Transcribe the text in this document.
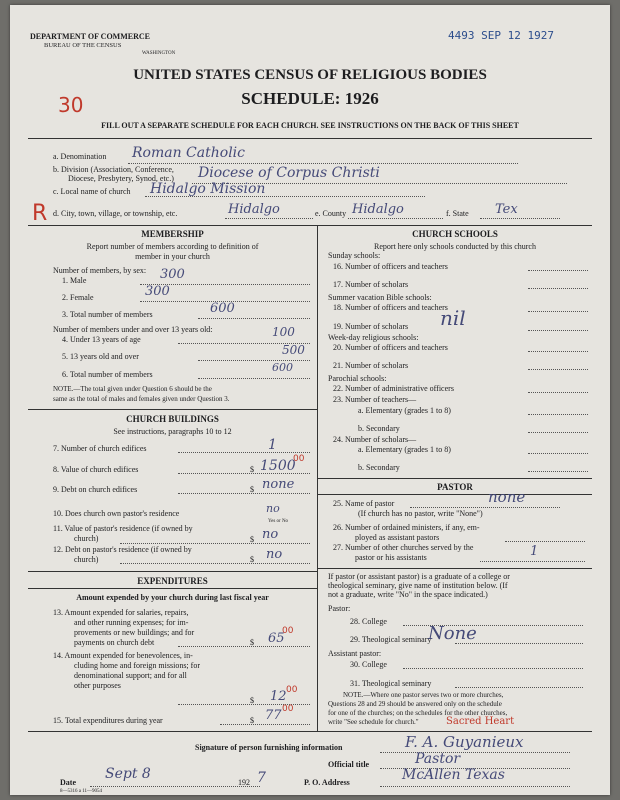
DEPARTMENT OF COMMERCE
BUREAU OF THE CENSUS
WASHINGTON
4493 SEP 12 1927
UNITED STATES CENSUS OF RELIGIOUS BODIES
SCHEDULE: 1926
30
FILL OUT A SEPARATE SCHEDULE FOR EACH CHURCH. SEE INSTRUCTIONS ON THE BACK OF THIS SHEET
a. Denomination Roman Catholic
b. Division (Association, Conference,
Diocese, Presbytery, Synod, etc.) Diocese of Corpus Christi
c. Local name of church Hidalgo Mission
R d. City, town, village, or township, etc.	Hidalgo	e. County Hidalgo	f. State Tex
MEMBERSHIP
Report number of members according to definition of
member in your church
Number of members, by sex:
1. Male	300
2. Female	300
3. Total number of members	600
Number of members under and over 13 years old:
4. Under 13 years of age
100
5. 13 years old and over	500
6. Total number of members
600
NOTE.—The total given under Question 6 should be the
same as the total of males and females given under Question 3.
CHURCH BUILDINGS
See instructions, paragraphs 10 to 12
7. Number of church edifices	1
8. Value of church edifices	$ 1500
00
9. Debt on church edifices	$ none
10. Does church own pastor's residence	no
Yes or No
11. Value of pastor's residence (if owned by
church)	$ no
12. Debt on pastor's residence (if owned by
church)	$ no
EXPENDITURES
Amount expended by your church during last fiscal year
13. Amount expended for salaries, repairs,
and other running expenses; for im-
provements or new buildings; and for
payments on church debt	$ 65
00
14. Amount expended for benevolences, in-
cluding home and foreign missions; for
denominational support; and for all
other purposes
$ 12 00
15. Total expenditures during year	$ 77 00
CHURCH SCHOOLS
Report here only schools conducted by this church
Sunday schools:
16. Number of officers and teachers
17. Number of scholars
Summer vacation Bible schools:
18. Number of officers and teachers
19. Number of scholars nil
Week-day religious schools:
20. Number of officers and teachers
21. Number of scholars
Parochial schools:
22. Number of administrative officers
23. Number of teachers—
a. Elementary (grades 1 to 8)
b. Secondary
24. Number of scholars—
a. Elementary (grades 1 to 8)
b. Secondary
PASTOR
25. Name of pastor	none
(If church has no pastor, write "None")
26. Number of ordained ministers, if any, em-
ployed as assistant pastors
27. Number of other churches served by the
pastor or his assistants	1
If pastor (or assistant pastor) is a graduate of a college or
theological seminary, give name of institution below. (If
not a graduate, write "No" in the space indicated.)
Pastor:
28. College
29. Theological seminary
None
Assistant pastor:
30. College
31. Theological seminary
NOTE.—Where one pastor serves two or more churches,
Questions 28 and 29 should be answered only on the schedule
for one of the churches; on the schedules for the other churches,
write "See schedule for church."	Sacred Heart
Signature of person furnishing information	F. A. Guyanieux
Official title	Pastor
Date
Sept 8
192 7	P. O. Address	McAllen Texas
8—5316 a 11—9054
